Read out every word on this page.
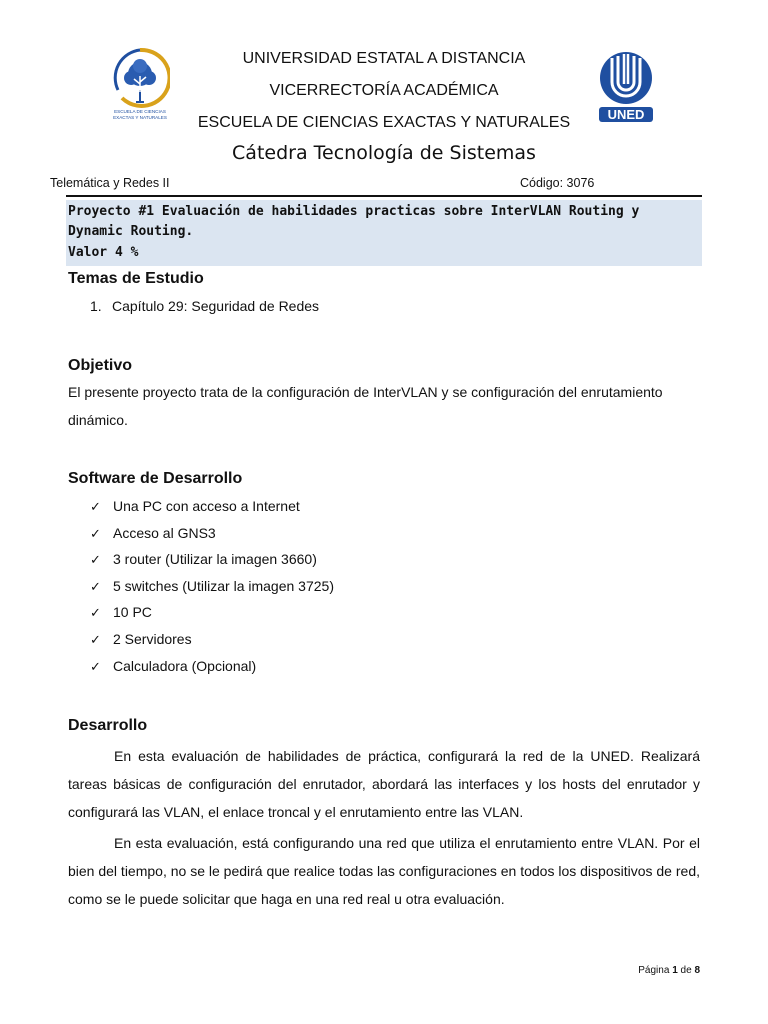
ESCUELA DE CIENCIAS
EXACTAS Y NATURALES	UNED
UNIVERSIDAD ESTATAL A DISTANCIA
VICERRECTORÍA ACADÉMICA
ESCUELA DE CIENCIAS EXACTAS Y NATURALES
Cátedra Tecnología de Sistemas
Telemática y Redes II	Código: 3076
Proyecto #1 Evaluación de habilidades practicas sobre InterVLAN Routing y Dynamic Routing.
Valor 4 %
Temas de Estudio
1. Capítulo 29: Seguridad de Redes
Objetivo
El presente proyecto trata de la configuración de InterVLAN y se configuración del enrutamiento dinámico.
Software de Desarrollo
✓ Una PC con acceso a Internet
✓ Acceso al GNS3
✓ 3 router (Utilizar la imagen 3660)
✓ 5 switches (Utilizar la imagen 3725)
✓ 10 PC
✓ 2 Servidores
✓ Calculadora (Opcional)
Desarrollo
En esta evaluación de habilidades de práctica, configurará la red de la UNED. Realizará tareas básicas de configuración del enrutador, abordará las interfaces y los hosts del enrutador y configurará las VLAN, el enlace troncal y el enrutamiento entre las VLAN.
En esta evaluación, está configurando una red que utiliza el enrutamiento entre VLAN. Por el bien del tiempo, no se le pedirá que realice todas las configuraciones en todos los dispositivos de red, como se le puede solicitar que haga en una red real u otra evaluación.
Página 1 de 8
